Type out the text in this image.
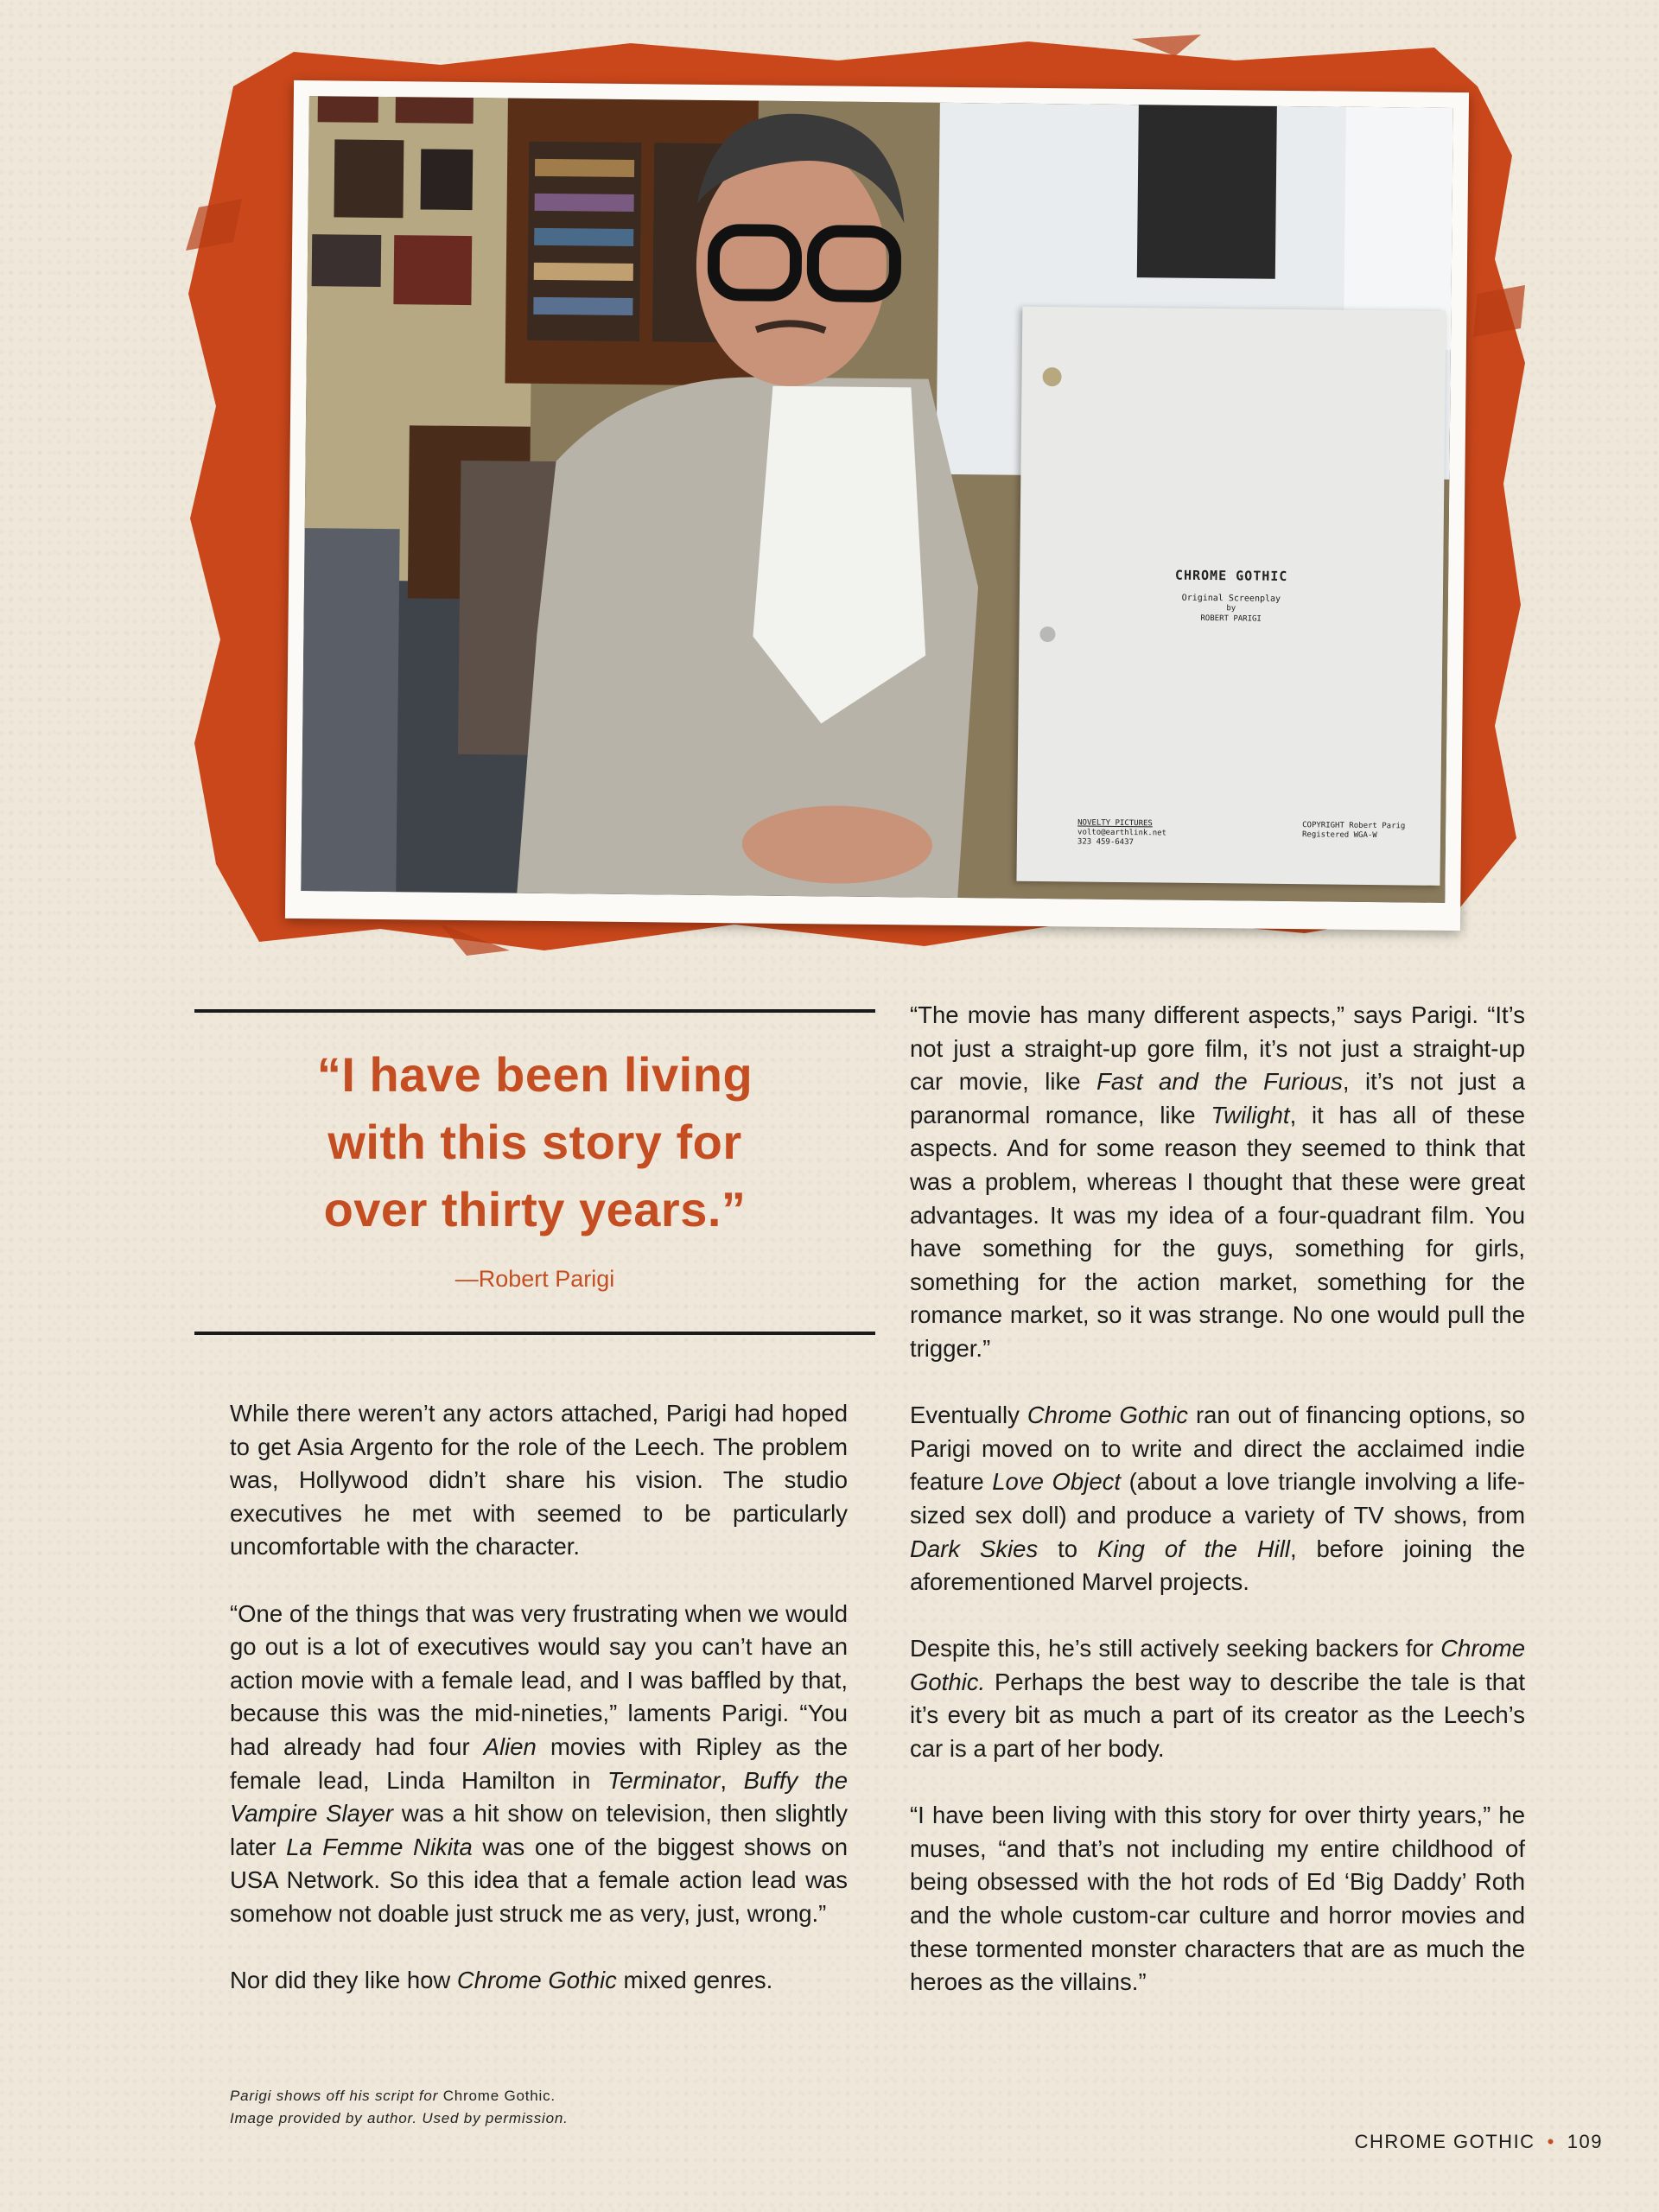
CHROME GOTHIC
Original Screenplay
by
ROBERT PARIGI
NOVELTY PICTURES
volto@earthlink.net
323 459-6437
COPYRIGHT Robert Parig
Registered WGA-W
“I have been living
with this story for
over thirty years.”
—Robert Parigi

While there weren’t any actors attached, Parigi had hoped to get Asia Argento for the role of the Leech. The problem was, Hollywood didn’t share his vision. The studio executives he met with seemed to be particularly uncomfortable with the character.

“One of the things that was very frustrating when we would go out is a lot of executives would say you can’t have an action movie with a female lead, and I was baffled by that, because this was the mid-nineties,” laments Parigi. “You had already had four Alien movies with Ripley as the female lead, Linda Hamilton in Terminator, Buffy the Vampire Slayer was a hit show on television, then slightly later La Femme Nikita was one of the biggest shows on USA Network. So this idea that a female action lead was somehow not doable just struck me as very, just, wrong.”

Nor did they like how Chrome Gothic mixed genres.

“The movie has many different aspects,” says Parigi. “It’s not just a straight-up gore film, it’s not just a straight-up car movie, like Fast and the Furious, it’s not just a paranormal romance, like Twilight, it has all of these aspects. And for some reason they seemed to think that was a problem, whereas I thought that these were great advantages. It was my idea of a four-quadrant film. You have something for the guys, something for girls, something for the action market, something for the romance market, so it was strange. No one would pull the trigger.”

Eventually Chrome Gothic ran out of financing options, so Parigi moved on to write and direct the acclaimed indie feature Love Object (about a love triangle involving a life-sized sex doll) and produce a variety of TV shows, from Dark Skies to King of the Hill, before joining the aforementioned Marvel projects.

Despite this, he’s still actively seeking backers for Chrome Gothic. Perhaps the best way to describe the tale is that it’s every bit as much a part of its creator as the Leech’s car is a part of her body.

“I have been living with this story for over thirty years,” he muses, “and that’s not including my entire childhood of being obsessed with the hot rods of Ed ‘Big Daddy’ Roth and the whole custom-car culture and horror movies and these tormented monster characters that are as much the heroes as the villains.”

Parigi shows off his script for Chrome Gothic.
Image provided by author. Used by permission.
CHROME GOTHIC • 109
